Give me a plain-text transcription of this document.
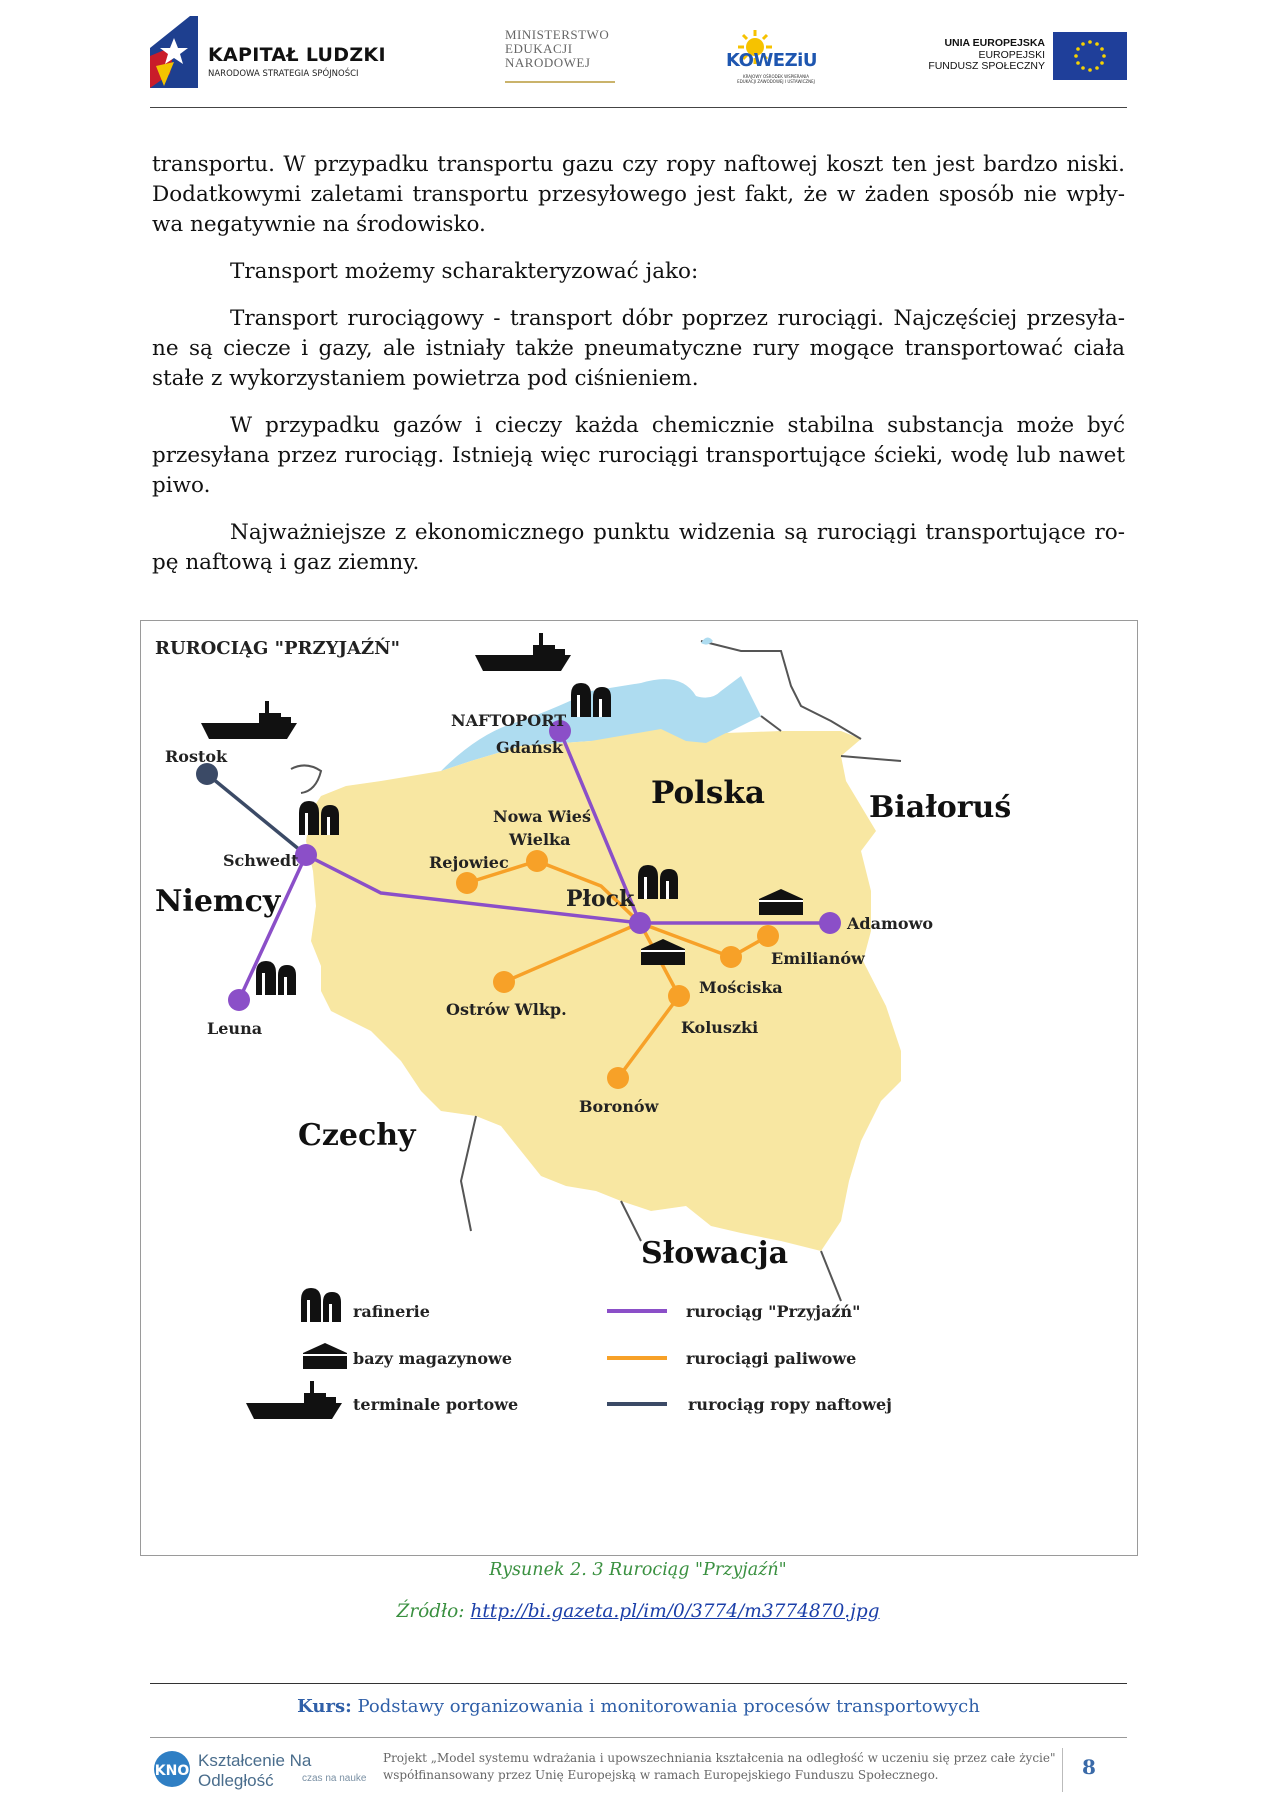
KAPITAŁ LUDZKI
NARODOWA STRATEGIA SPÓJNOŚCI
MINISTERSTWO
EDUKACJI
NARODOWEJ	KOWEZiU
KRAJOWY OŚRODEK WSPIERANIA
EDUKACJI ZAWODOWEJ I USTAWICZNEJ
UNIA EUROPEJSKA
EUROPEJSKI
FUNDUSZ SPOŁECZNY

transportu. W przypadku transportu gazu czy ropy naftowej koszt ten jest bardzo niski. Dodatkowymi zaletami transportu przesyłowego jest fakt, że w żaden sposób nie wpły-wa negatywnie na środowisko.

Transport możemy scharakteryzować jako:

Transport rurociągowy - transport dóbr poprzez rurociągi. Najczęściej przesyła-ne są ciecze i gazy, ale istniały także pneumatyczne rury mogące transportować ciała stałe z wykorzystaniem powietrza pod ciśnieniem.

W przypadku gazów i cieczy każda chemicznie stabilna substancja może być przesyłana przez rurociąg. Istnieją więc rurociągi transportujące ścieki, wodę lub nawet piwo.

Najważniejsze z ekonomicznego punktu widzenia są rurociągi transportujące ro-pę naftową i gaz ziemny.

RUROCIĄG "PRZYJAŹŃ"
Polska
Niemcy
Białoruś
Czechy
Słowacja
NAFTOPORT
Gdańsk
Rostok
Schwedt
Leuna
Nowa Wieś
Wielka
Rejowiec
Płock
Adamowo
Emilianów
Mościska
Koluszki
Ostrów Wlkp.
Boronów
rafinerie
bazy magazynowe
terminale portowe
rurociąg "Przyjaźń"
rurociągi paliwowe
rurociąg ropy naftowej
Rysunek 2. 3 Rurociąg "Przyjaźń"
Źródło: http://bi.gazeta.pl/im/0/3774/m3774870.jpg
Kurs: Podstawy organizowania i monitorowania procesów transportowych
KNO
Kształcenie Na Odległość	czas na nauke
Projekt „Model systemu wdrażania i upowszechniania kształcenia na odległość w uczeniu się przez całe życie"
współfinansowany przez Unię Europejską w ramach Europejskiego Funduszu Społecznego.	8
